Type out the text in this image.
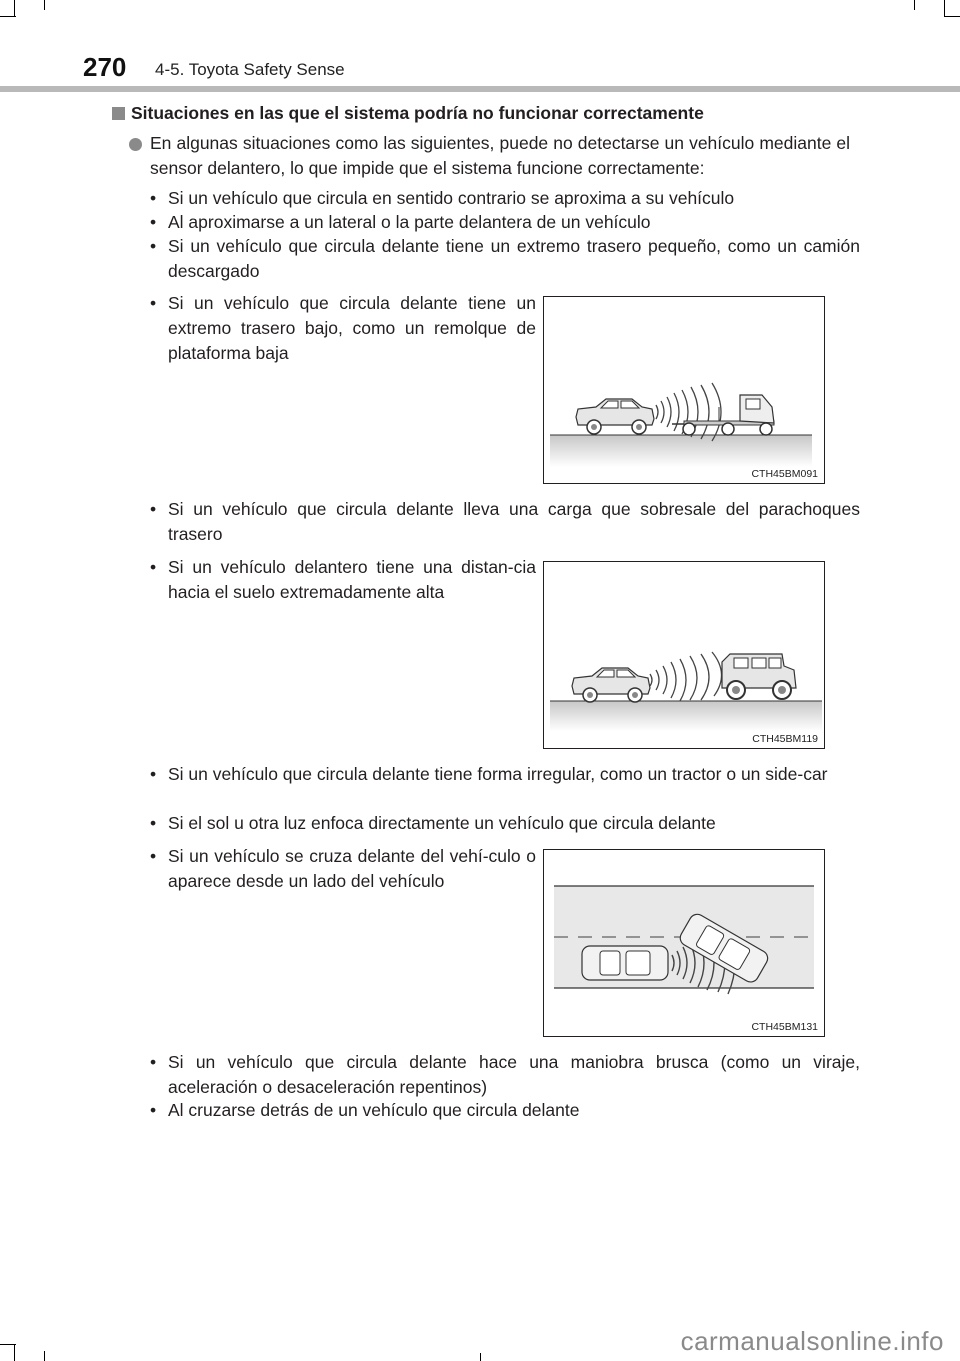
270 4-5. Toyota Safety Sense
Situaciones en las que el sistema podría no funcionar correctamente
En algunas situaciones como las siguientes, puede no detectarse un vehículo mediante el sensor delantero, lo que impide que el sistema funcione correctamente:
• Si un vehículo que circula en sentido contrario se aproxima a su vehículo
• Al aproximarse a un lateral o la parte delantera de un vehículo
• Si un vehículo que circula delante tiene un extremo trasero pequeño, como un camión descargado
• Si un vehículo que circula delante tiene un extremo trasero bajo, como un remolque de plataforma baja
• Si un vehículo que circula delante lleva una carga que sobresale del parachoques trasero
• Si un vehículo delantero tiene una distan-cia hacia el suelo extremadamente alta
• Si un vehículo que circula delante tiene forma irregular, como un tractor o un side-car
• Si el sol u otra luz enfoca directamente un vehículo que circula delante
• Si un vehículo se cruza delante del vehí-culo o aparece desde un lado del vehículo
• Si un vehículo que circula delante hace una maniobra brusca (como un viraje, aceleración o desaceleración repentinos)
• Al cruzarse detrás de un vehículo que circula delante
CTH45BM091
CTH45BM119
CTH45BM131
carmanualsonline.info
